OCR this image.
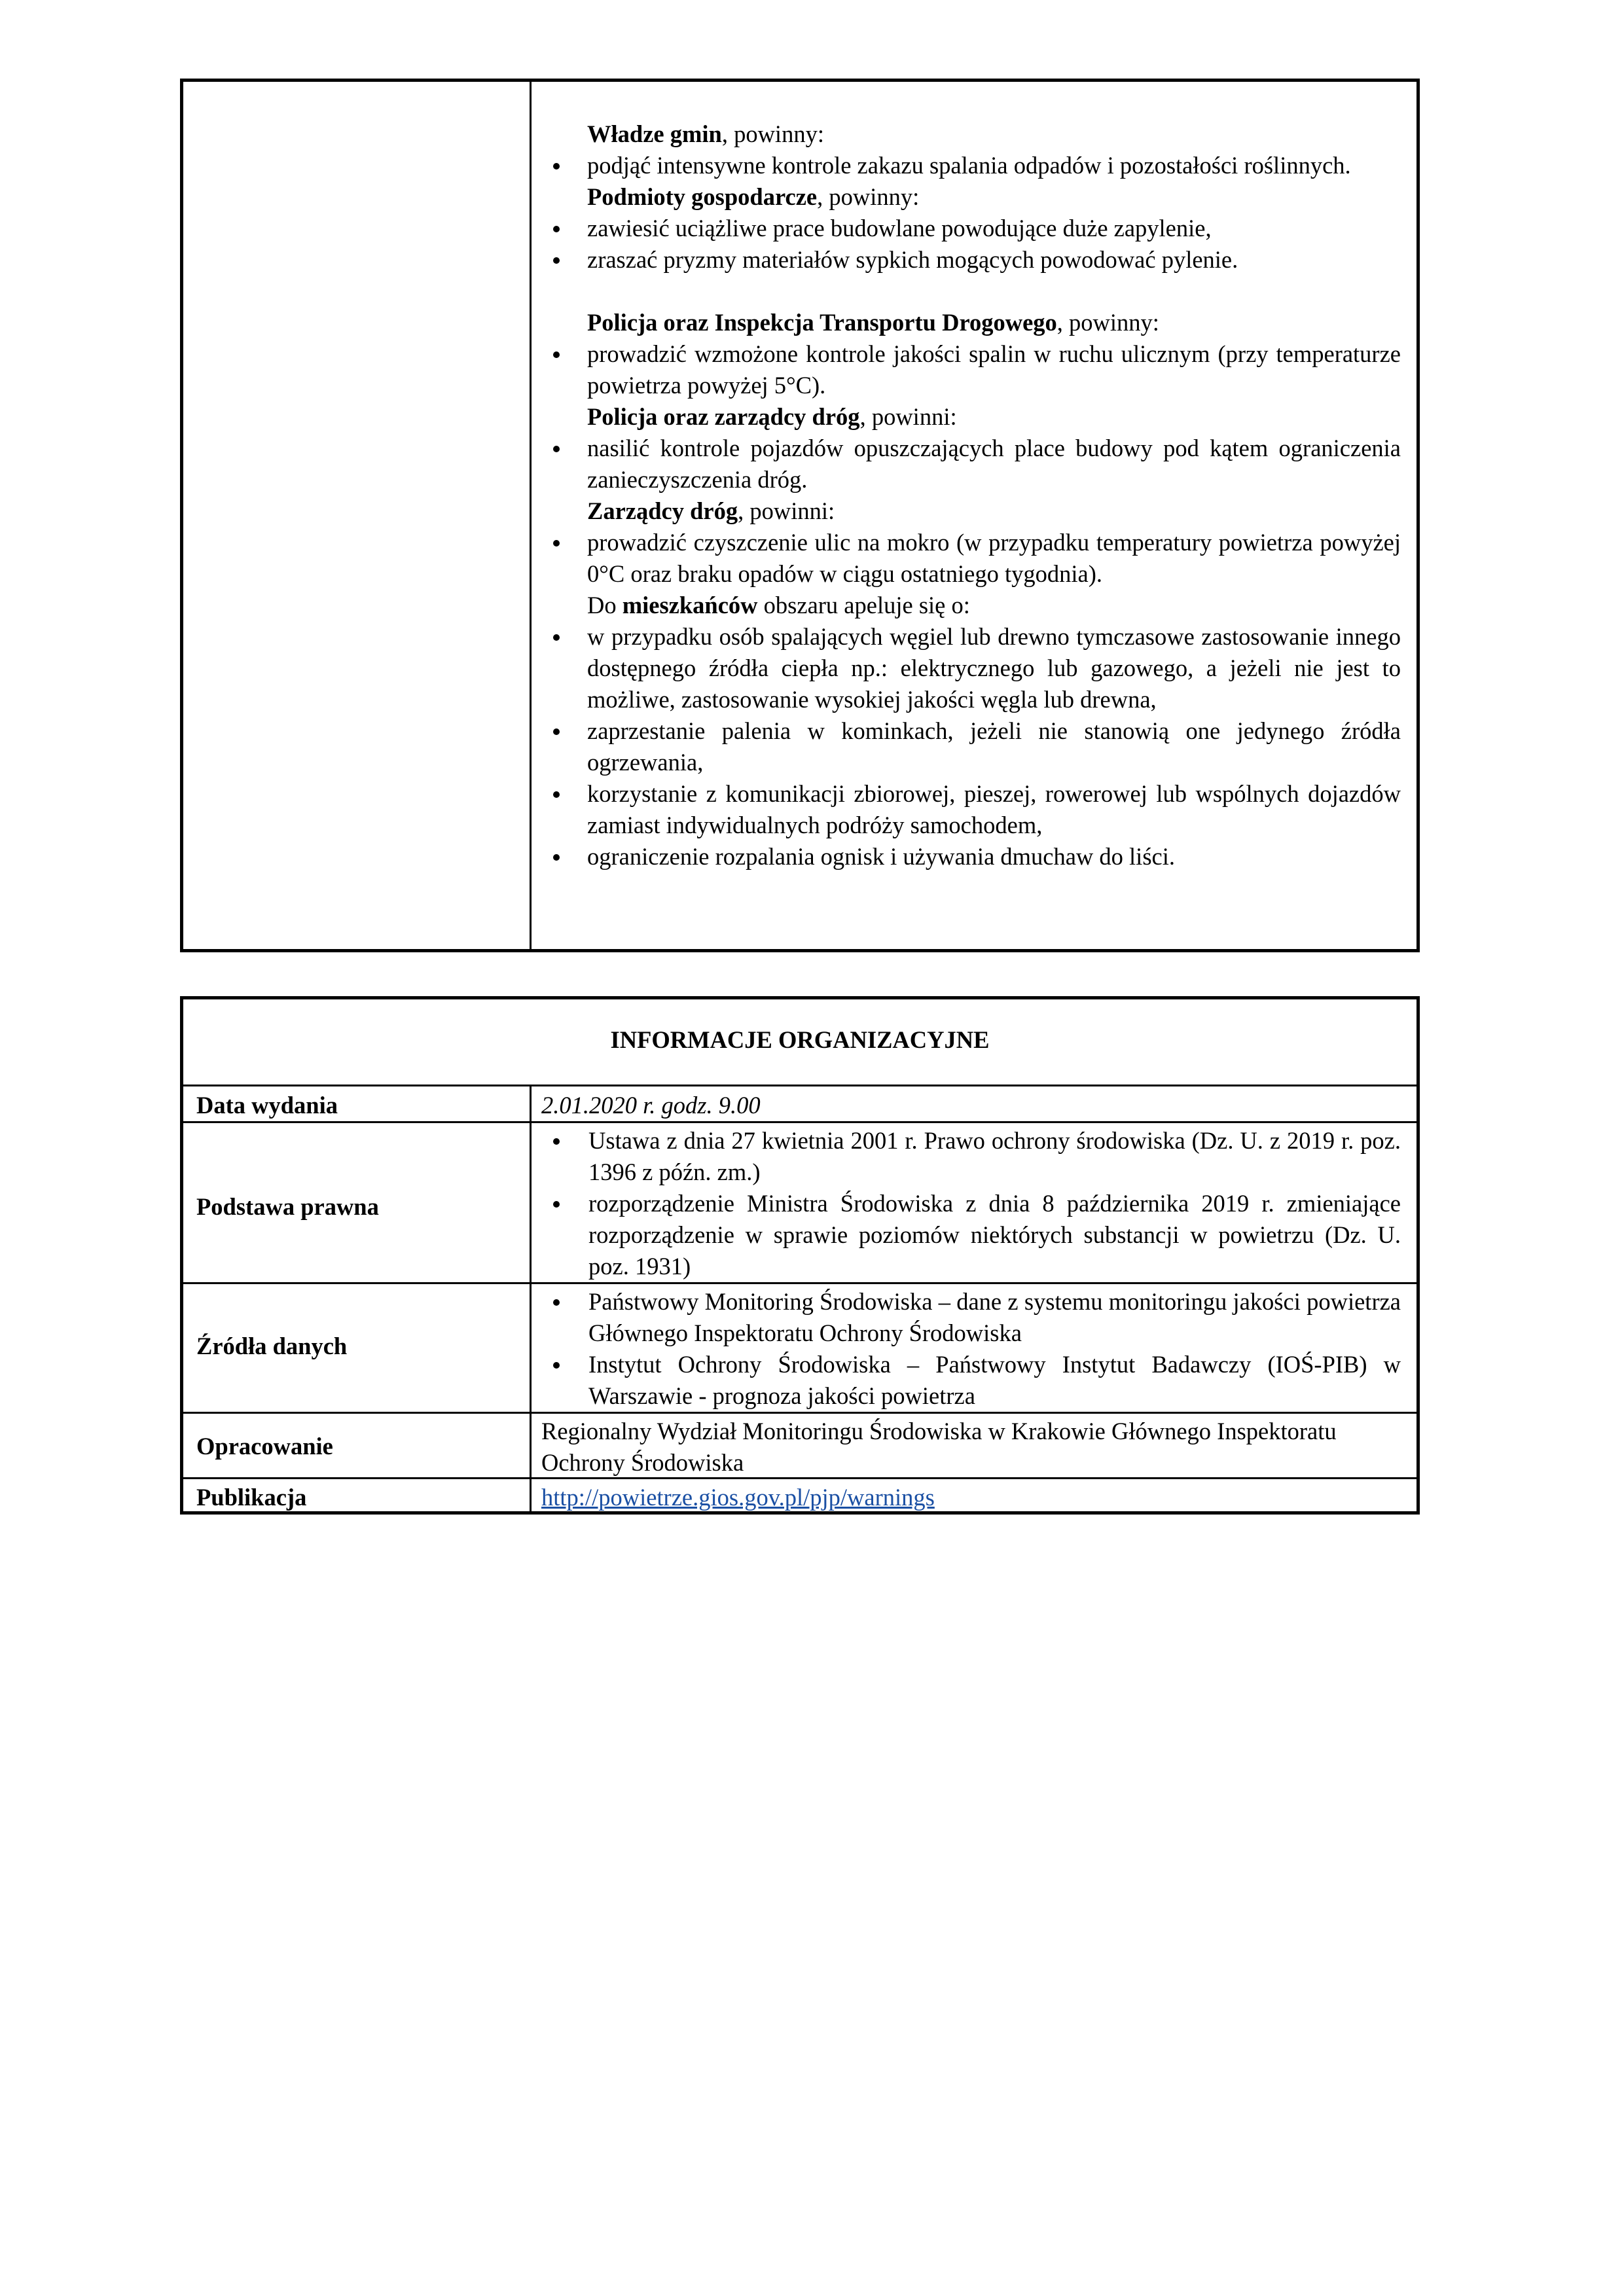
Władze gmin, powinny:
podjąć intensywne kontrole zakazu spalania odpadów i pozostałości roślinnych.
Podmioty gospodarcze, powinny:
zawiesić uciążliwe prace budowlane powodujące duże zapylenie,
zraszać pryzmy materiałów sypkich mogących powodować pylenie.
Policja oraz Inspekcja Transportu Drogowego, powinny:
prowadzić wzmożone kontrole jakości spalin w ruchu ulicznym (przy temperaturze powietrza powyżej 5°C).
Policja oraz zarządcy dróg, powinni:
nasilić kontrole pojazdów opuszczających place budowy pod kątem ograniczenia zanieczyszczenia dróg.
Zarządcy dróg, powinni:
prowadzić czyszczenie ulic na mokro (w przypadku temperatury powietrza powyżej 0°C oraz braku opadów w ciągu ostatniego tygodnia).
Do mieszkańców obszaru apeluje się o:
w przypadku osób spalających węgiel lub drewno tymczasowe zastosowanie innego dostępnego źródła ciepła np.: elektrycznego lub gazowego, a jeżeli nie jest to możliwe, zastosowanie wysokiej jakości węgla lub drewna,
zaprzestanie palenia w kominkach, jeżeli nie stanowią one jedynego źródła ogrzewania,
korzystanie z komunikacji zbiorowej, pieszej, rowerowej lub wspólnych dojazdów zamiast indywidualnych podróży samochodem,
ograniczenie rozpalania ognisk i używania dmuchaw do liści.
INFORMACJE ORGANIZACYJNE
Data wydania	2.01.2020 r. godz. 9.00
Podstawa prawna
Ustawa z dnia 27 kwietnia 2001 r. Prawo ochrony środowiska (Dz. U. z 2019 r. poz. 1396 z późn. zm.)
rozporządzenie Ministra Środowiska z dnia 8 października 2019 r. zmieniające rozporządzenie w sprawie poziomów niektórych substancji w powietrzu (Dz. U. poz. 1931)
Źródła danych
Państwowy Monitoring Środowiska – dane z systemu monitoringu jakości powietrza Głównego Inspektoratu Ochrony Środowiska
Instytut Ochrony Środowiska – Państwowy Instytut Badawczy (IOŚ-PIB) w Warszawie - prognoza jakości powietrza
Opracowanie
Regionalny Wydział Monitoringu Środowiska w Krakowie Głównego Inspektoratu Ochrony Środowiska
Publikacja	http://powietrze.gios.gov.pl/pjp/warnings
